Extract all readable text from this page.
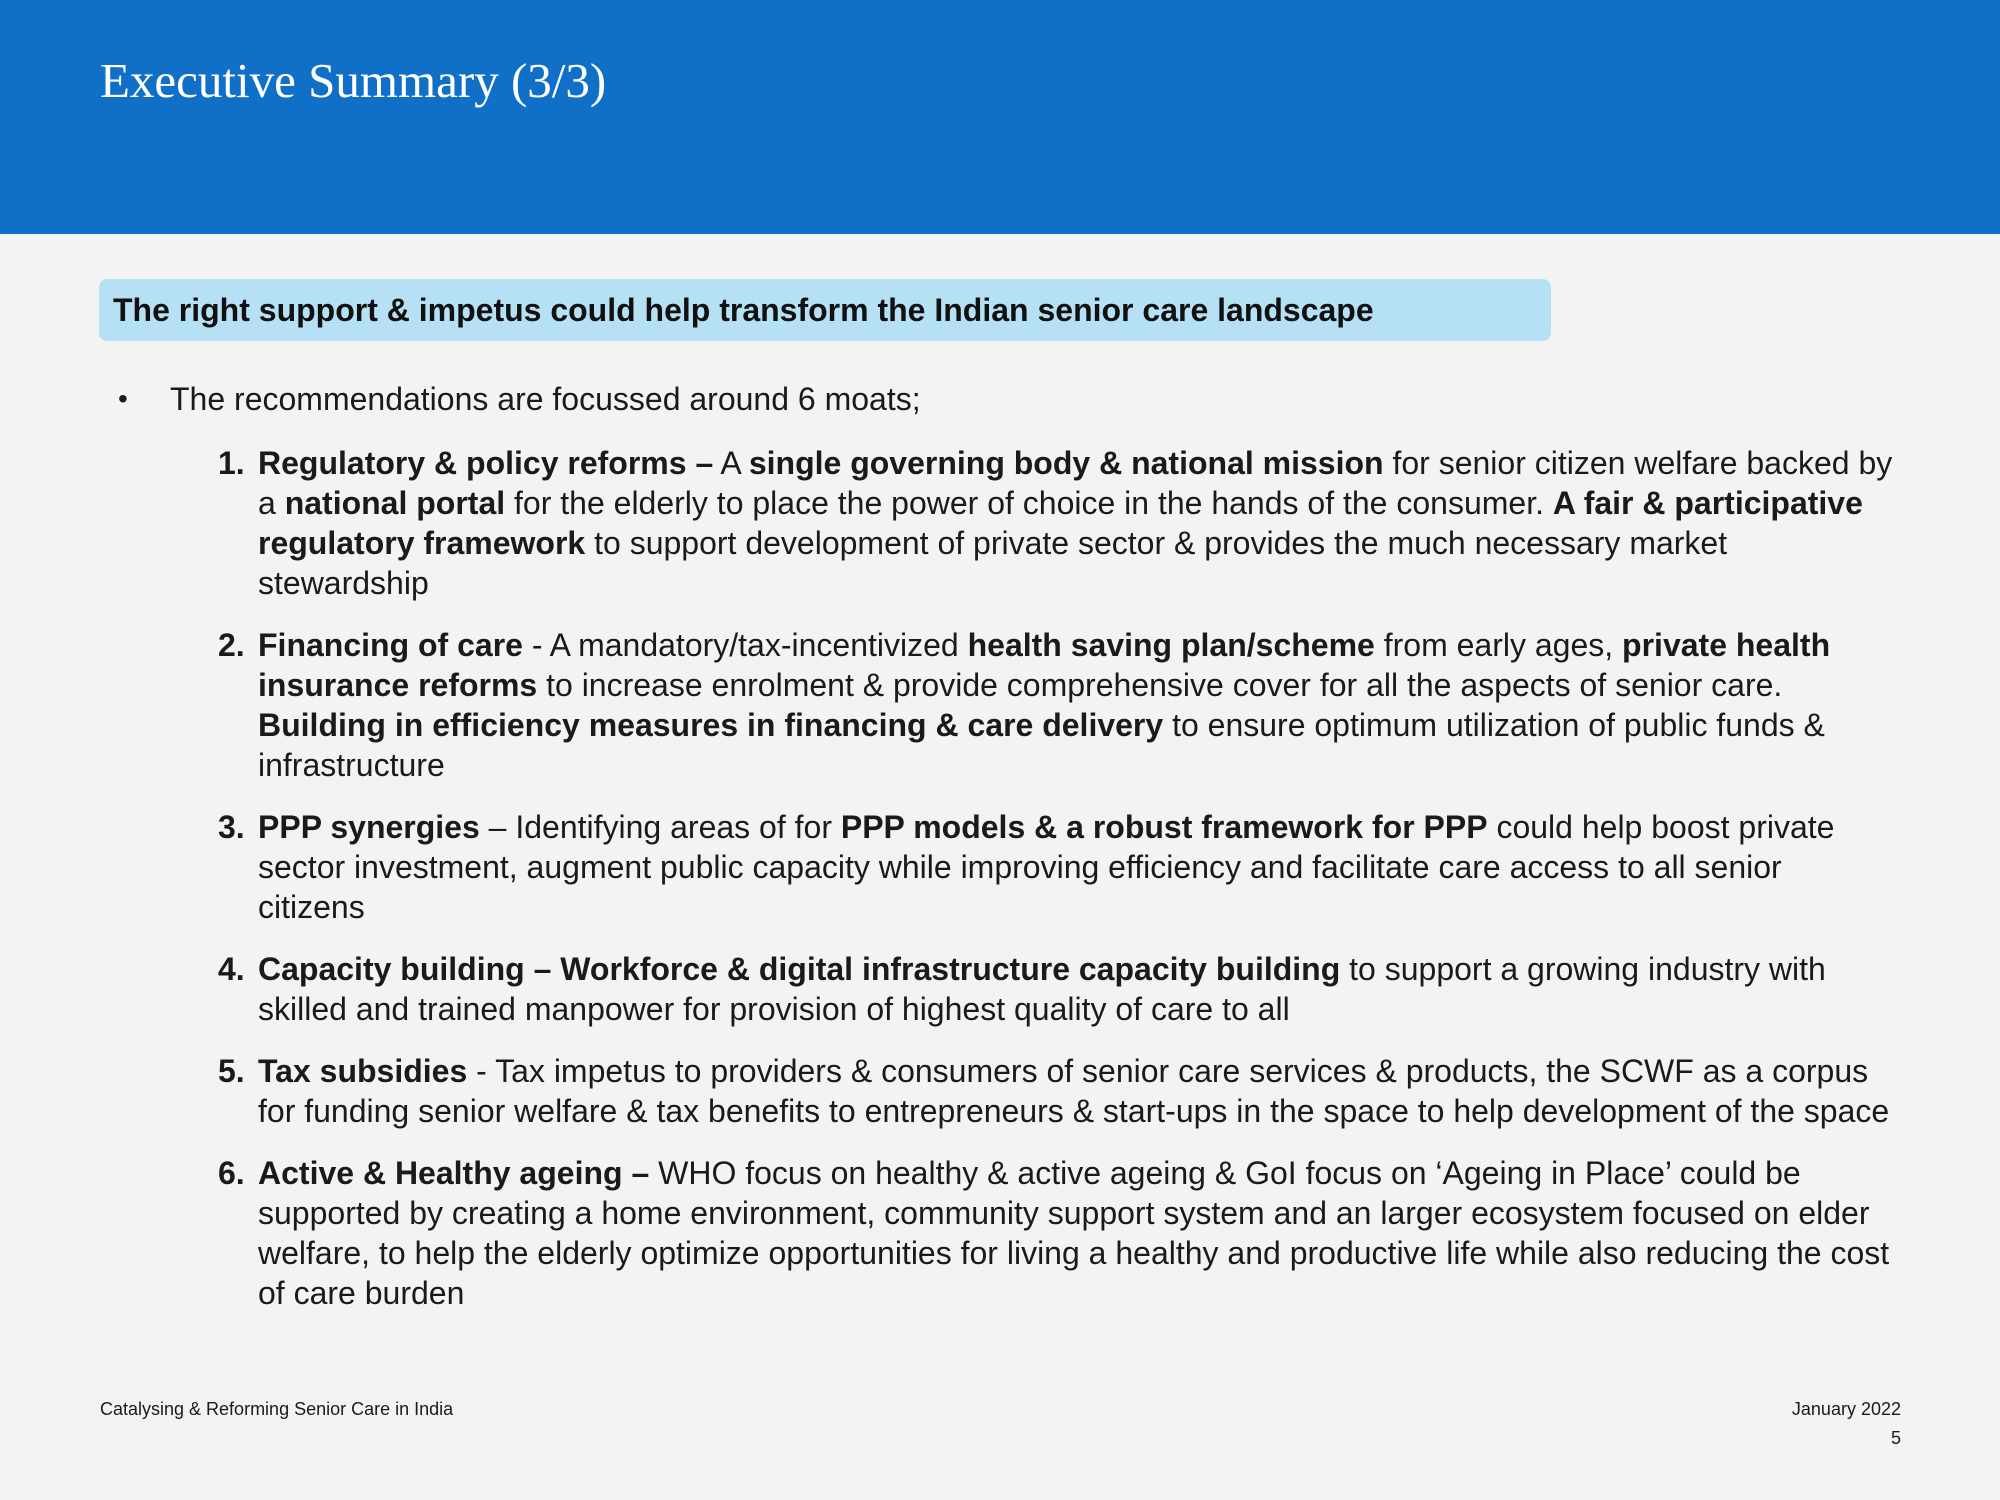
Executive Summary (3/3)
The right support & impetus could help transform the Indian senior care landscape
•	The recommendations are focussed around 6 moats;
1. Regulatory & policy reforms – A single governing body & national mission for senior citizen welfare backed by a national portal for the elderly to place the power of choice in the hands of the consumer. A fair & participative regulatory framework to support development of private sector & provides the much necessary market stewardship
2. Financing of care - A mandatory/tax-incentivized health saving plan/scheme from early ages, private health insurance reforms to increase enrolment & provide comprehensive cover for all the aspects of senior care. Building in efficiency measures in financing & care delivery to ensure optimum utilization of public funds & infrastructure
3. PPP synergies – Identifying areas of for PPP models & a robust framework for PPP could help boost private sector investment, augment public capacity while improving efficiency and facilitate care access to all senior citizens
4. Capacity building – Workforce & digital infrastructure capacity building to support a growing industry with skilled and trained manpower for provision of highest quality of care to all
5. Tax subsidies - Tax impetus to providers & consumers of senior care services & products, the SCWF as a corpus for funding senior welfare & tax benefits to entrepreneurs & start-ups in the space to help development of the space
6. Active & Healthy ageing – WHO focus on healthy & active ageing & GoI focus on ‘Ageing in Place’ could be supported by creating a home environment, community support system and an larger ecosystem focused on elder welfare, to help the elderly optimize opportunities for living a healthy and productive life while also reducing the cost of care burden
Catalysing & Reforming Senior Care in India	January 2022
5
